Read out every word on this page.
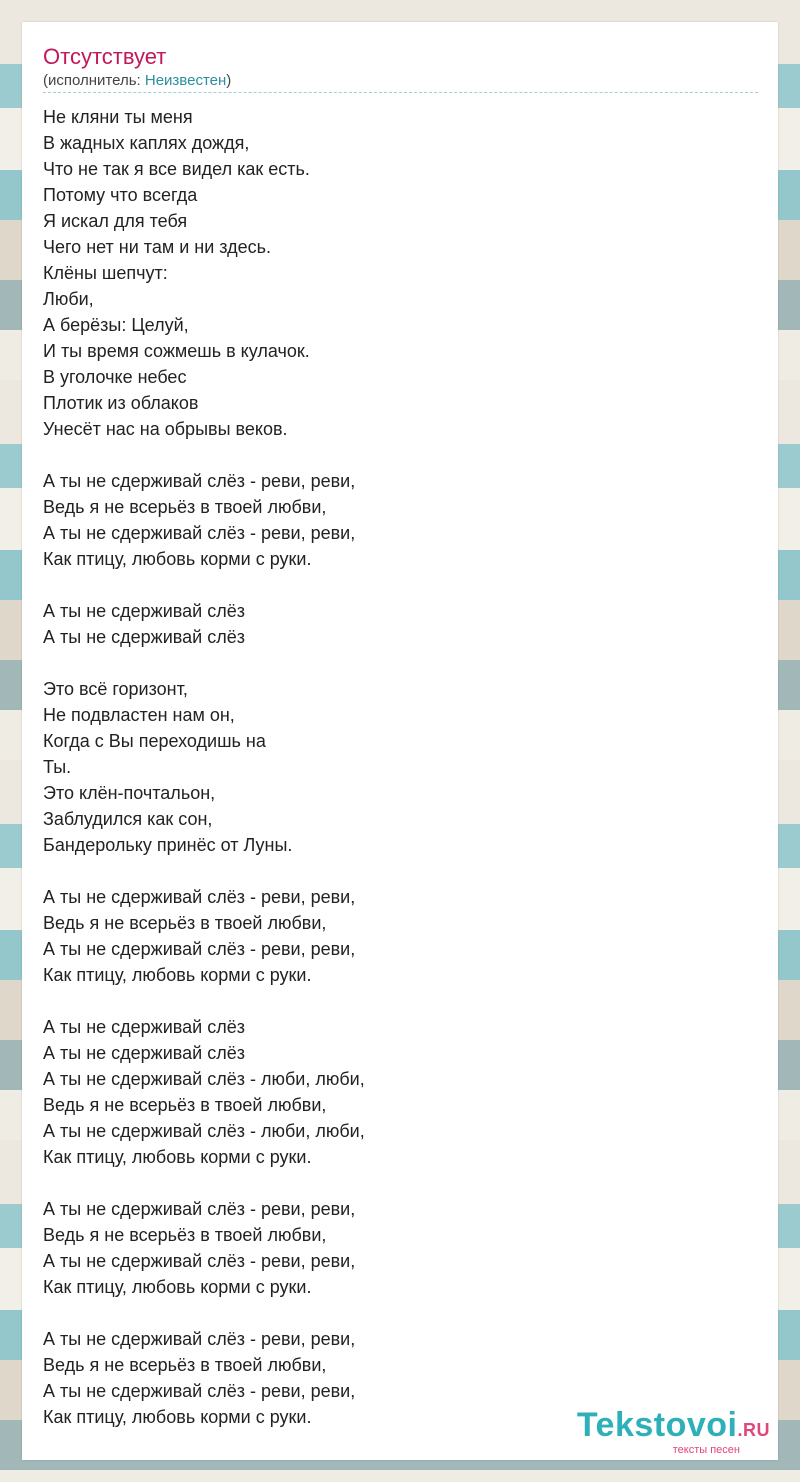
Отсутствует
(исполнитель: Неизвестен)
Не кляни ты меня
В жадных каплях дождя,
Что не так я все видел как есть.
Потому что всегда
Я искал для тебя
Чего нет ни там и ни здесь.
Клёны шепчут:
Люби,
А берёзы: Целуй,
И ты время сожмешь в кулачок.
В уголочке небес
Плотик из облаков
Унесёт нас на обрывы веков.
А ты не сдерживай слёз - реви, реви,
Ведь я не всерьёз в твоей любви,
А ты не сдерживай слёз - реви, реви,
Как птицу, любовь корми с руки.
А ты не сдерживай слёз
А ты не сдерживай слёз
Это всё горизонт,
Не подвластен нам он,
Когда с Вы переходишь на
Ты.
Это клён-почтальон,
Заблудился как сон,
Бандерольку принёс от Луны.
А ты не сдерживай слёз - реви, реви,
Ведь я не всерьёз в твоей любви,
А ты не сдерживай слёз - реви, реви,
Как птицу, любовь корми с руки.
А ты не сдерживай слёз
А ты не сдерживай слёз
А ты не сдерживай слёз - люби, люби,
Ведь я не всерьёз в твоей любви,
А ты не сдерживай слёз - люби, люби,
Как птицу, любовь корми с руки.
А ты не сдерживай слёз - реви, реви,
Ведь я не всерьёз в твоей любви,
А ты не сдерживай слёз - реви, реви,
Как птицу, любовь корми с руки.
А ты не сдерживай слёз - реви, реви,
Ведь я не всерьёз в твоей любви,
А ты не сдерживай слёз - реви, реви,
Как птицу, любовь корми с руки.	Tekstovoi.RU
тексты песен
